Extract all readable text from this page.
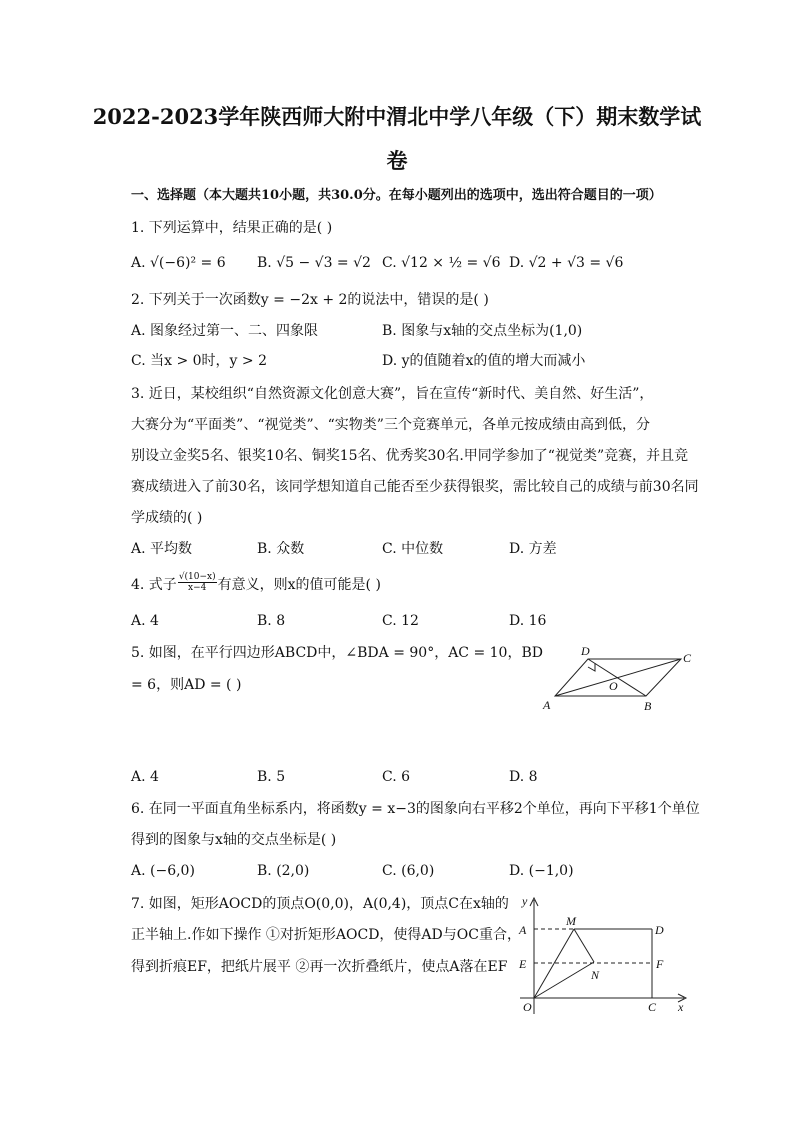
2022-2023学年陕西师大附中渭北中学八年级（下）期末数学试
卷
一、选择题（本大题共10小题，共30.0分。在每小题列出的选项中，选出符合题目的一项）
1. 下列运算中，结果正确的是( )
A. √(−6)² = 6 B. √5 − √3 = √2 C. √12 × ½ = √6 D. √2 + √3 = √6
2. 下列关于一次函数y = −2x + 2的说法中，错误的是( )
A. 图象经过第一、二、四象限	B. 图象与x轴的交点坐标为(1,0)
C. 当x > 0时，y > 2	D. y的值随着x的值的增大而减小
3. 近日，某校组织“自然资源文化创意大赛”，旨在宣传“新时代、美自然、好生活”，
大赛分为“平面类”、“视觉类”、“实物类”三个竞赛单元，各单元按成绩由高到低，分
别设立金奖5名、银奖10名、铜奖15名、优秀奖30名.甲同学参加了“视觉类”竞赛，并且竞
赛成绩进入了前30名，该同学想知道自己能否至少获得银奖，需比较自己的成绩与前30名同
学成绩的( )
A. 平均数	B. 众数	C. 中位数	D. 方差
4. 式子 $\frac{√(10-x)}{x-4}$ 有意义，则x的值可能是( )
A. 4	B. 8	C. 12	D. 16
5. 如图，在平行四边形ABCD中，∠BDA = 90°，AC = 10，BD
= 6，则AD = ( )
D	C
O
A	B
A. 4	B. 5	C. 6	D. 8
6. 在同一平面直角坐标系内，将函数y = x−3的图象向右平移2个单位，再向下平移1个单位
得到的图象与x轴的交点坐标是( )
A. (−6,0)	B. (2,0)	C. (6,0)	D. (−1,0)
7. 如图，矩形AOCD的顶点O(0,0)，A(0,4)，顶点C在x轴的
正半轴上.作如下操作 ①对折矩形AOCD，使得AD与OC重合，
得到折痕EF，把纸片展平 ②再一次折叠纸片，使点A落在EF
y
M
A	D
E	F
N
O	C x
